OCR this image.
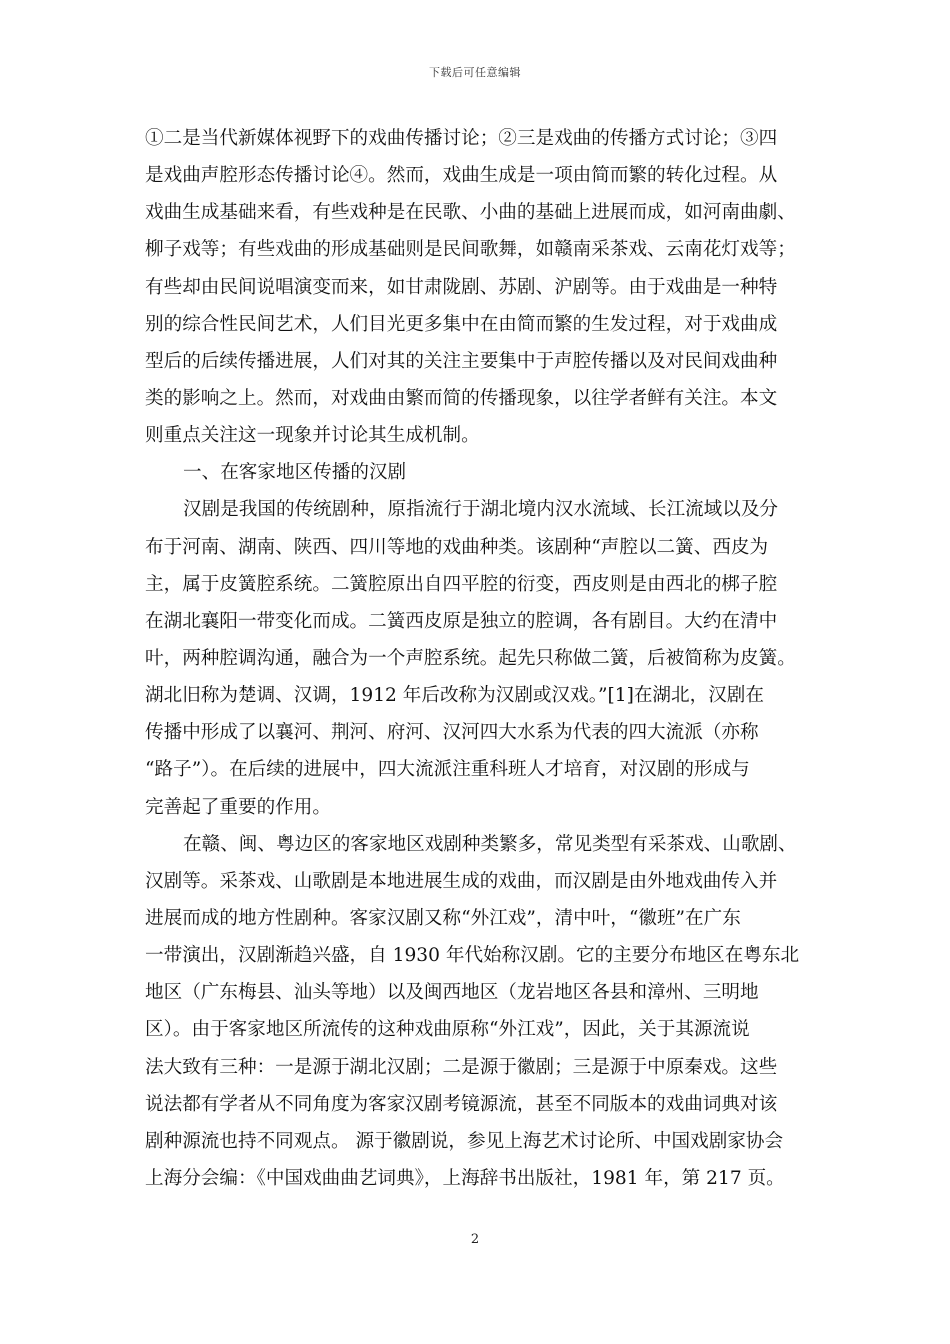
下载后可任意编辑
①二是当代新媒体视野下的戏曲传播讨论；②三是戏曲的传播方式讨论；③四
是戏曲声腔形态传播讨论④。然而，戏曲生成是一项由简而繁的转化过程。从
戏曲生成基础来看，有些戏种是在民歌、小曲的基础上进展而成，如河南曲劇、
柳子戏等；有些戏曲的形成基础则是民间歌舞，如赣南采茶戏、云南花灯戏等；
有些却由民间说唱演变而来，如甘肃陇剧、苏剧、沪剧等。由于戏曲是一种特
别的综合性民间艺术，人们目光更多集中在由简而繁的生发过程，对于戏曲成
型后的后续传播进展，人们对其的关注主要集中于声腔传播以及对民间戏曲种
类的影响之上。然而，对戏曲由繁而简的传播现象，以往学者鲜有关注。本文
则重点关注这一现象并讨论其生成机制。
一、在客家地区传播的汉剧
汉剧是我国的传统剧种，原指流行于湖北境内汉水流域、长江流域以及分
布于河南、湖南、陕西、四川等地的戏曲种类。该剧种“声腔以二簧、西皮为
主，属于皮簧腔系统。二簧腔原出自四平腔的衍变，西皮则是由西北的梆子腔
在湖北襄阳一带变化而成。二簧西皮原是独立的腔调，各有剧目。大约在清中
叶，两种腔调沟通，融合为一个声腔系统。起先只称做二簧，后被简称为皮簧。
湖北旧称为楚调、汉调，1912 年后改称为汉剧或汉戏。”[1]在湖北，汉剧在
传播中形成了以襄河、荆河、府河、汉河四大水系为代表的四大流派（亦称
“路子”）。在后续的进展中，四大流派注重科班人才培育，对汉剧的形成与
完善起了重要的作用。
在赣、闽、粤边区的客家地区戏剧种类繁多，常见类型有采茶戏、山歌剧、
汉剧等。采茶戏、山歌剧是本地进展生成的戏曲，而汉剧是由外地戏曲传入并
进展而成的地方性剧种。客家汉剧又称“外江戏”，清中叶，“徽班”在广东
一带演出，汉剧渐趋兴盛，自 1930 年代始称汉剧。它的主要分布地区在粤东北
地区（广东梅县、汕头等地）以及闽西地区（龙岩地区各县和漳州、三明地
区）。由于客家地区所流传的这种戏曲原称“外江戏”，因此，关于其源流说
法大致有三种：一是源于湖北汉剧；二是源于徽剧；三是源于中原秦戏。这些
说法都有学者从不同角度为客家汉剧考镜源流，甚至不同版本的戏曲词典对该
剧种源流也持不同观点。 源于徽剧说，参见上海艺术讨论所、中国戏剧家协会
上海分会编：《中国戏曲曲艺词典》，上海辞书出版社，1981 年，第 217 页。
2
